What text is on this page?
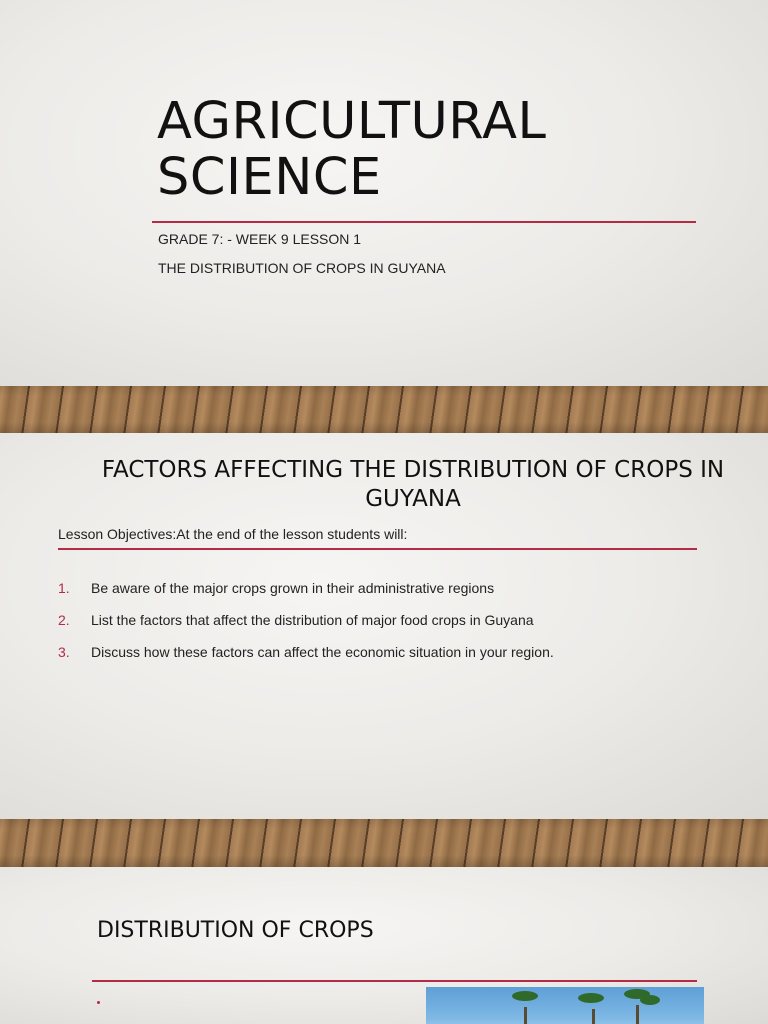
AGRICULTURAL
SCIENCE
GRADE 7: - WEEK 9 LESSON 1
THE DISTRIBUTION OF CROPS IN GUYANA
FACTORS AFFECTING THE DISTRIBUTION OF CROPS IN GUYANA
Lesson Objectives:At the end of the lesson students will:
1. Be aware of the major crops grown in their administrative regions
2. List the factors that affect the distribution of major food crops in Guyana
3. Discuss how these factors can affect the economic situation in your region.
DISTRIBUTION OF CROPS
